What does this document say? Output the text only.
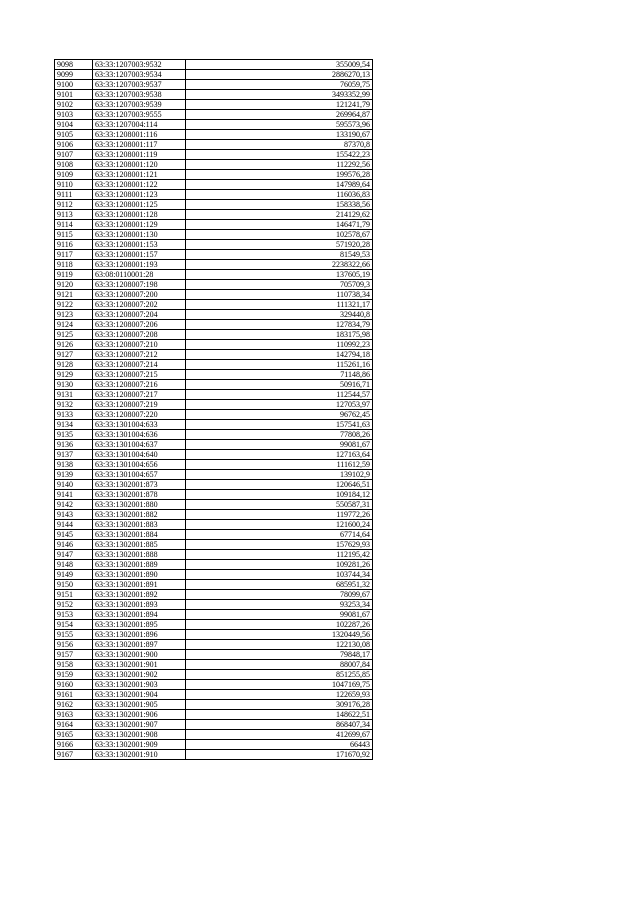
9098	63:33:1207003:9532	355009,54
9099	63:33:1207003:9534	2886270,13
9100	63:33:1207003:9537	76059,75
9101	63:33:1207003:9538	3493352,99
9102	63:33:1207003:9539	121241,79
9103	63:33:1207003:9555	269964,87
9104	63:33:1207004:114	595573,96
9105	63:33:1208001:116	133190,67
9106	63:33:1208001:117	87370,8
9107	63:33:1208001:119	155422,23
9108	63:33:1208001:120	112292,56
9109	63:33:1208001:121	199576,28
9110	63:33:1208001:122	147989,64
9111	63:33:1208001:123	116036,83
9112	63:33:1208001:125	158338,56
9113	63:33:1208001:128	214129,62
9114	63:33:1208001:129	146471,79
9115	63:33:1208001:130	102578,67
9116	63:33:1208001:153	571920,28
9117	63:33:1208001:157	81549,53
9118	63:33:1208001:193	2238322,66
9119	63:08:0110001:28	137605,19
9120	63:33:1208007:198	705709,3
9121	63:33:1208007:200	110738,34
9122	63:33:1208007:202	111321,17
9123	63:33:1208007:204	329440,8
9124	63:33:1208007:206	127834,79
9125	63:33:1208007:208	183175,98
9126	63:33:1208007:210	110992,23
9127	63:33:1208007:212	142794,18
9128	63:33:1208007:214	115261,16
9129	63:33:1208007:215	71148,86
9130	63:33:1208007:216	50916,71
9131	63:33:1208007:217	112544,57
9132	63:33:1208007:219	127053,97
9133	63:33:1208007:220	96762,45
9134	63:33:1301004:633	157541,63
9135	63:33:1301004:636	77808,26
9136	63:33:1301004:637	99081,67
9137	63:33:1301004:640	127163,64
9138	63:33:1301004:656	111612,59
9139	63:33:1301004:657	139102,9
9140	63:33:1302001:873	120646,51
9141	63:33:1302001:878	109184,12
9142	63:33:1302001:880	550587,31
9143	63:33:1302001:882	119772,26
9144	63:33:1302001:883	121600,24
9145	63:33:1302001:884	67714,64
9146	63:33:1302001:885	157629,93
9147	63:33:1302001:888	112195,42
9148	63:33:1302001:889	109281,26
9149	63:33:1302001:890	103744,34
9150	63:33:1302001:891	685951,32
9151	63:33:1302001:892	78099,67
9152	63:33:1302001:893	93253,34
9153	63:33:1302001:894	99081,67
9154	63:33:1302001:895	102287,26
9155	63:33:1302001:896	1320449,56
9156	63:33:1302001:897	122130,08
9157	63:33:1302001:900	79848,17
9158	63:33:1302001:901	88007,84
9159	63:33:1302001:902	851255,85
9160	63:33:1302001:903	1047169,75
9161	63:33:1302001:904	122659,93
9162	63:33:1302001:905	309176,28
9163	63:33:1302001:906	148622,51
9164	63:33:1302001:907	868407,34
9165	63:33:1302001:908	412699,67
9166	63:33:1302001:909	66443
9167	63:33:1302001:910	171670,92
